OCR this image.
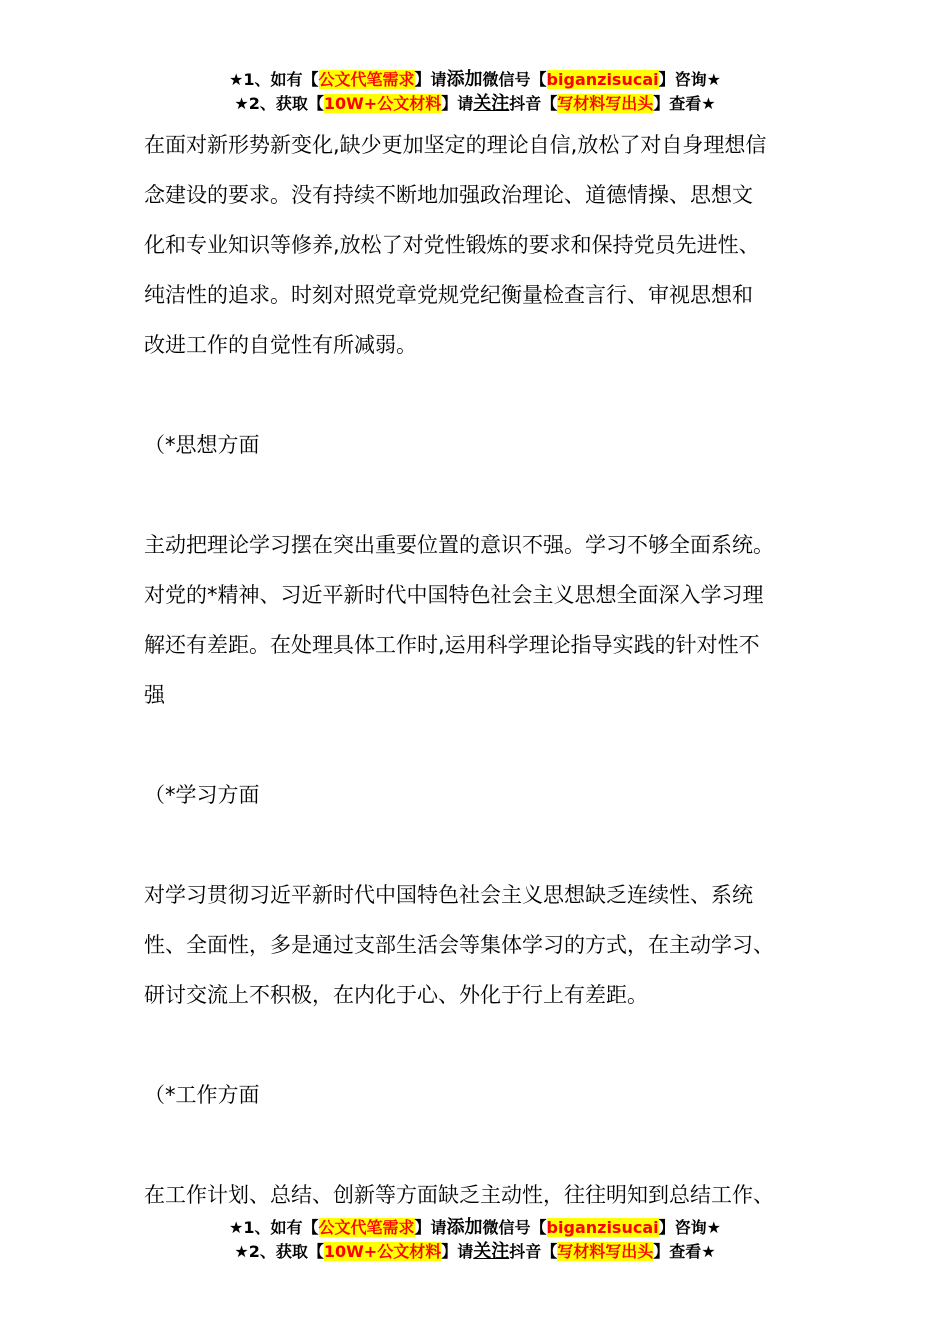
★1、如有【公文代笔需求】请添加微信号【biganzisucai】咨询★
★2、获取【10W+公文材料】请关注抖音【写材料写出头】查看★

在面对新形势新变化,缺少更加坚定的理论自信,放松了对自身理想信
念建设的要求。没有持续不断地加强政治理论、道德情操、思想文
化和专业知识等修养,放松了对党性锻炼的要求和保持党员先进性、
纯洁性的追求。时刻对照党章党规党纪衡量检查言行、审视思想和
改进工作的自觉性有所减弱。

（*思想方面

主动把理论学习摆在突出重要位置的意识不强。学习不够全面系统。
对党的*精神、习近平新时代中国特色社会主义思想全面深入学习理
解还有差距。在处理具体工作时,运用科学理论指导实践的针对性不
强

（*学习方面

对学习贯彻习近平新时代中国特色社会主义思想缺乏连续性、系统
性、全面性，多是通过支部生活会等集体学习的方式，在主动学习、
研讨交流上不积极，在内化于心、外化于行上有差距。

（*工作方面

在工作计划、总结、创新等方面缺乏主动性，往往明知到总结工作、

★1、如有【公文代笔需求】请添加微信号【biganzisucai】咨询★
★2、获取【10W+公文材料】请关注抖音【写材料写出头】查看★
